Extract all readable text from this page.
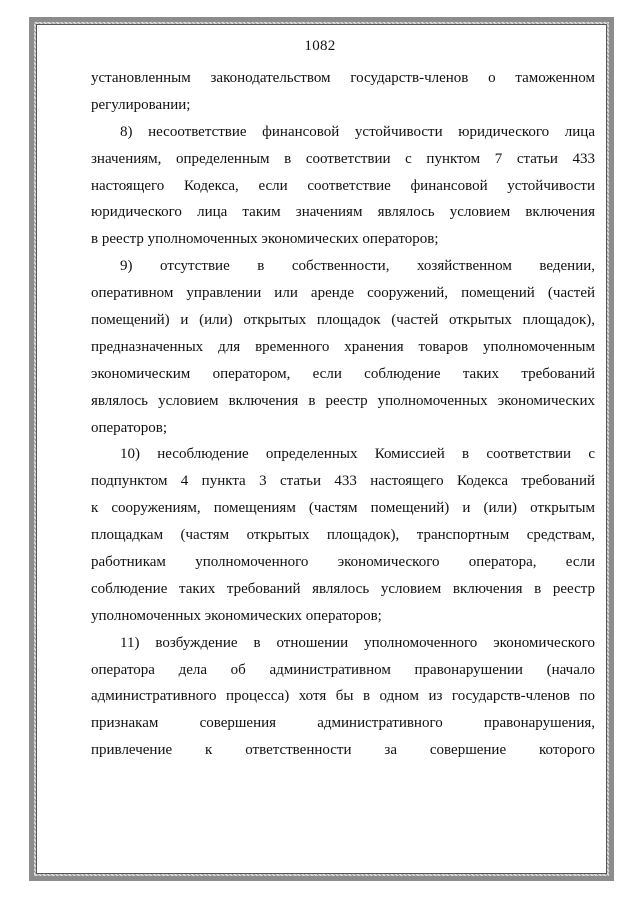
1082
установленным законодательством государств-членов о таможенном
регулировании;
8) несоответствие финансовой устойчивости юридического лица
значениям, определенным в соответствии с пунктом 7 статьи 433
настоящего Кодекса, если соответствие финансовой устойчивости
юридического лица таким значениям являлось условием включения
в реестр уполномоченных экономических операторов;
9) отсутствие в собственности, хозяйственном ведении,
оперативном управлении или аренде сооружений, помещений (частей
помещений) и (или) открытых площадок (частей открытых площадок),
предназначенных для временного хранения товаров уполномоченным
экономическим оператором, если соблюдение таких требований
являлось условием включения в реестр уполномоченных экономических
операторов;
10) несоблюдение определенных Комиссией в соответствии с
подпунктом 4 пункта 3 статьи 433 настоящего Кодекса требований
к сооружениям, помещениям (частям помещений) и (или) открытым
площадкам (частям открытых площадок), транспортным средствам,
работникам уполномоченного экономического оператора, если
соблюдение таких требований являлось условием включения в реестр
уполномоченных экономических операторов;
11) возбуждение в отношении уполномоченного экономического
оператора дела об административном правонарушении (начало
административного процесса) хотя бы в одном из государств-членов по
признакам совершения административного правонарушения,
привлечение к ответственности за совершение которого
